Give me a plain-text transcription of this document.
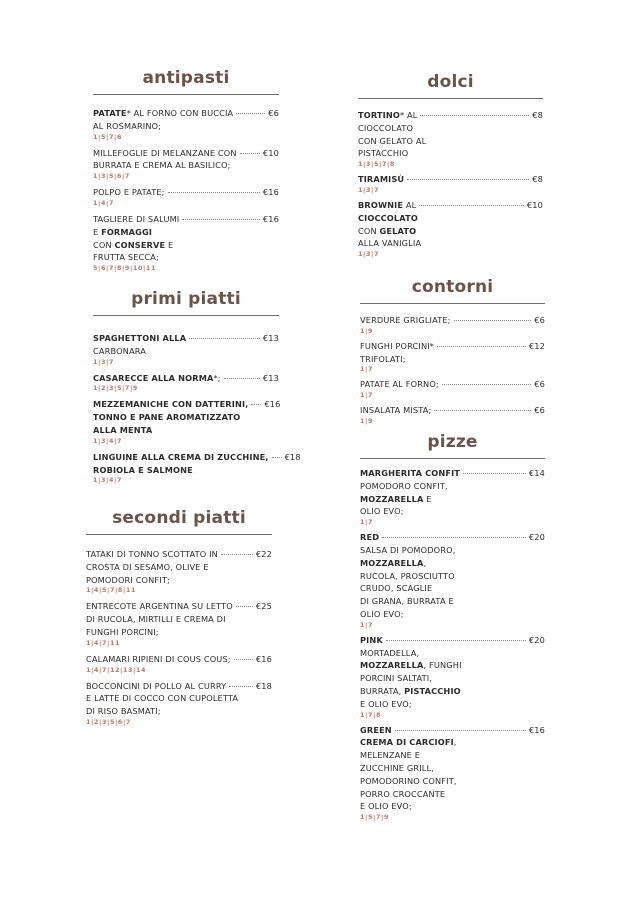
antipasti
PATATE* AL FORNO CON BUCCIA	€6
AL ROSMARINO;
1|5|7|6
MILLEFOGLIE DI MELANZANE CON	€10
BURRATA E CREMA AL BASILICO;
1|3|5|6|7
POLPO E PATATE;	€16
1|4|7
TAGLIERE DI SALUMI	€16
E FORMAGGI
CON CONSERVE E
FRUTTA SECCA;
5|6|7|8|9|10|11
primi piatti
SPAGHETTONI ALLA	€13
CARBONARA
1|3|7
CASARECCE ALLA NORMA*;	€13
1|2|3|5|7|9
MEZZEMANICHE CON DATTERINI, €16
TONNO E PANE AROMATIZZATO
ALLA MENTA
1|3|4|7
LINGUINE ALLA CREMA DI ZUCCHINE, €18
ROBIOLA E SALMONE
1|3|4|7
secondi piatti
TATAKI DI TONNO SCOTTATO IN	€22
CROSTA DI SESAMO, OLIVE E
POMODORI CONFIT;
1|4|5|7|8|11
ENTRECOTE ARGENTINA SU LETTO	€25
DI RUCOLA, MIRTILLI E CREMA DI
FUNGHI PORCINI;
1|4|7|11
CALAMARI RIPIENI DI COUS COUS;	€16
1|4|7|12|13|14
BOCCONCINI DI POLLO AL CURRY	€18
E LATTE DI COCCO CON CUPOLETTA
DI RISO BASMATI;
1|2|3|5|6|7
dolci
TORTINO* AL	€8
CIOCCOLATO
CON GELATO AL
PISTACCHIO
1|3|5|7|8
TIRAMISÙ	€8
1|3|7
BROWNIE AL	€10
CIOCCOLATO
CON GELATO
ALLA VANIGLIA
1|3|7
contorni
VERDURE GRIGLIATE;	€6
1|9
FUNGHI PORCINI*	€12
TRIFOLATI;
1|7
PATATE AL FORNO;	€6
1|7
INSALATA MISTA;	€6
1|9
pizze
MARGHERITA CONFIT	€14
POMODORO CONFIT,
MOZZARELLA E
OLIO EVO;
1|7
RED	€20
SALSA DI POMODORO,
MOZZARELLA,
RUCOLA, PROSCIUTTO
CRUDO, SCAGLIE
DI GRANA, BURRATA E
OLIO EVO;
1|7
PINK	€20
MORTADELLA,
MOZZARELLA, FUNGHI
PORCINI SALTATI,
BURRATA, PISTACCHIO
E OLIO EVO;
1|7|8
GREEN	€16
CREMA DI CARCIOFI,
MELENZANE E
ZUCCHINE GRILL,
POMODORINO CONFIT,
PORRO CROCCANTE
E OLIO EVO;
1|5|7|9
